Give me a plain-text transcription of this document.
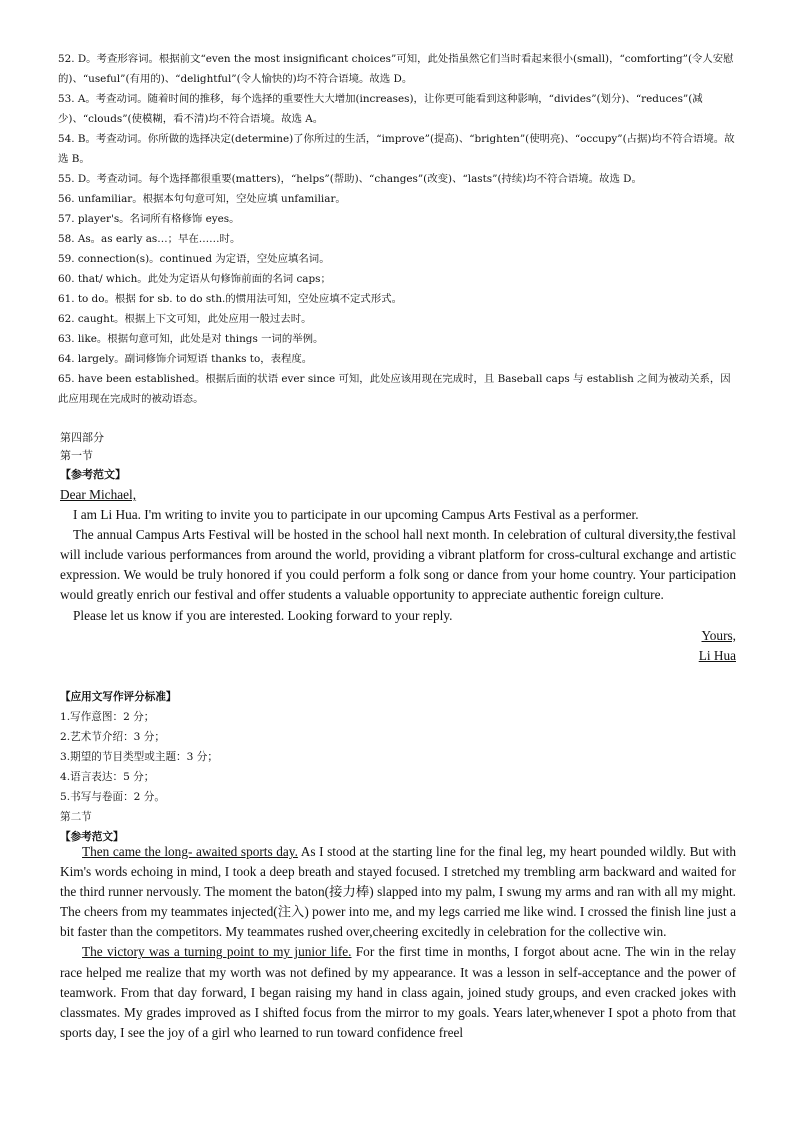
52. D。考查形容词。根据前文“even the most insignificant choices”可知，此处指虽然它们当时看起来很小(small)，“comforting”(令人安慰的)、“useful”(有用的)、“delightful”(令人愉快的)均不符合语境。故选 D。

53. A。考查动词。随着时间的推移，每个选择的重要性大大增加(increases)，让你更可能看到这种影响，“divides”(划分)、“reduces”(减少)、“clouds”(使模糊，看不清)均不符合语境。故选 A。

54. B。考查动词。你所做的选择决定(determine)了你所过的生活，“improve”(提高)、“brighten”(使明亮)、“occupy”(占据)均不符合语境。故选 B。

55. D。考查动词。每个选择都很重要(matters)，“helps”(帮助)、“changes”(改变)、“lasts”(持续)均不符合语境。故选 D。

56. unfamiliar。根据本句句意可知，空处应填 unfamiliar。

57. player's。名词所有格修饰 eyes。

58. As。as early as…；早在……时。

59. connection(s)。continued 为定语，空处应填名词。

60. that/ which。此处为定语从句修饰前面的名词 caps；

61. to do。根据 for sb. to do sth.的惯用法可知，空处应填不定式形式。

62. caught。根据上下文可知，此处应用一般过去时。

63. like。根据句意可知，此处是对 things 一词的举例。

64. largely。副词修饰介词短语 thanks to，表程度。

65. have been established。根据后面的状语 ever since 可知，此处应该用现在完成时，且 Baseball caps 与 establish 之间为被动关系，因此应用现在完成时的被动语态。

第四部分
第一节
【参考范文】

Dear Michael,

I am Li Hua. I'm writing to invite you to participate in our upcoming Campus Arts Festival as a performer.

The annual Campus Arts Festival will be hosted in the school hall next month. In celebration of cultural diversity,the festival will include various performances from around the world, providing a vibrant platform for cross-cultural exchange and artistic expression. We would be truly honored if you could perform a folk song or dance from your home country. Your participation would greatly enrich our festival and offer students a valuable opportunity to appreciate authentic foreign culture.

Please let us know if you are interested. Looking forward to your reply.

Yours,

Li Hua

【应用文写作评分标准】
1.写作意图：2 分；
2.艺术节介绍：3 分；
3.期望的节目类型或主题：3 分；
4.语言表达：5 分；
5.书写与卷面：2 分。
第二节
【参考范文】

Then came the long- awaited sports day. As I stood at the starting line for the final leg, my heart pounded wildly. But with Kim's words echoing in mind, I took a deep breath and stayed focused. I stretched my trembling arm backward and waited for the third runner nervously. The moment the baton(接力棒) slapped into my palm, I swung my arms and ran with all my might. The cheers from my teammates injected(注入) power into me, and my legs carried me like wind. I crossed the finish line just a bit faster than the competitors. My teammates rushed over,cheering excitedly in celebration for the collective win.

The victory was a turning point to my junior life. For the first time in months, I forgot about acne. The win in the relay race helped me realize that my worth was not defined by my appearance. It was a lesson in self-acceptance and the power of teamwork. From that day forward, I began raising my hand in class again, joined study groups, and even cracked jokes with classmates. My grades improved as I shifted focus from the mirror to my goals. Years later,whenever I spot a photo from that sports day, I see the joy of a girl who learned to run toward confidence freel
